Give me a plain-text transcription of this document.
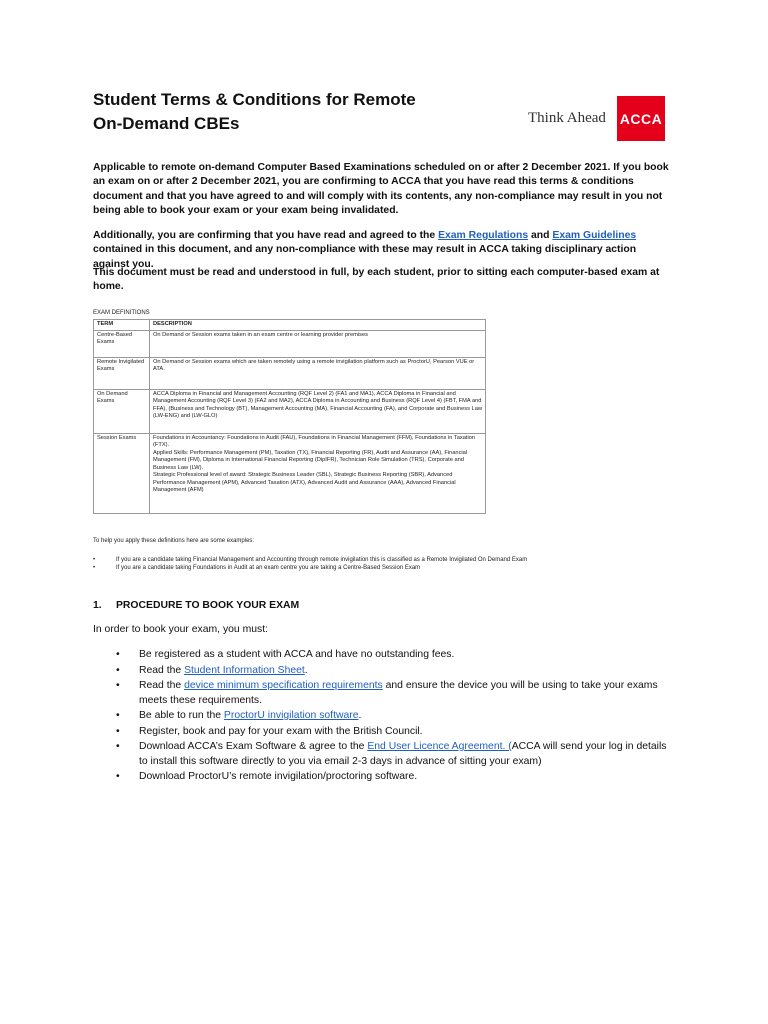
Student Terms & Conditions for Remote
On-Demand CBEs	Think Ahead ACCA
Applicable to remote on-demand Computer Based Examinations scheduled on or after 2 December 2021. If you book an exam on or after 2 December 2021, you are confirming to ACCA that you have read this terms & conditions document and that you have agreed to and will comply with its contents, any non-compliance may result in you not being able to book your exam or your exam being invalidated.
Additionally, you are confirming that you have read and agreed to the Exam Regulations and Exam Guidelines contained in this document, and any non-compliance with these may result in ACCA taking disciplinary action against you.
This document must be read and understood in full, by each student, prior to sitting each computer-based exam at home.
EXAM DEFINITIONS
TERM	DESCRIPTION
Centre-Based Exams	On Demand or Session exams taken in an exam centre or learning provider premises
Remote Invigilated Exams	On Demand or Session exams which are taken remotely using a remote invigilation platform such as ProctorU, Pearson VUE or ATA.
On Demand Exams	ACCA Diploma in Financial and Management Accounting (RQF Level 2) (FA1 and MA1), ACCA Diploma in Financial and Management Accounting (RQF Level 3) (FA2 and MA2), ACCA Diploma in Accounting and Business (RQF Level 4) (FBT, FMA and FFA), (Business and Technology (BT), Management Accounting (MA), Financial Accounting (FA), and Corporate and Business Law (LW-ENG) and (LW-GLO)
Session Exams	Foundations in Accountancy: Foundations in Audit (FAU), Foundations in Financial Management (FFM), Foundations in Taxation (FTX).
Applied Skills: Performance Management (PM), Taxation (TX), Financial Reporting (FR), Audit and Assurance (AA), Financial Management (FM), Diploma in International Financial Reporting (DipIFR), Technician Role Simulation (TRS), Corporate and Business Law (LW).
Strategic Professional level of award: Strategic Business Leader (SBL), Strategic Business Reporting (SBR), Advanced Performance Management (APM), Advanced Taxation (ATX), Advanced Audit and Assurance (AAA), Advanced Financial Management (AFM)
To help you apply these definitions here are some examples:
• If you are a candidate taking Financial Management and Accounting through remote invigilation this is classified as a Remote Invigilated On Demand Exam
• If you are a candidate taking Foundations in Audit at an exam centre you are taking a Centre-Based Session Exam
1. PROCEDURE TO BOOK YOUR EXAM
In order to book your exam, you must:
• Be registered as a student with ACCA and have no outstanding fees.
• Read the Student Information Sheet.
• Read the device minimum specification requirements and ensure the device you will be using to take your exams meets these requirements.
• Be able to run the ProctorU invigilation software.
• Register, book and pay for your exam with the British Council.
• Download ACCA’s Exam Software & agree to the End User Licence Agreement. (ACCA will send your log in details to install this software directly to you via email 2-3 days in advance of sitting your exam)
• Download ProctorU’s remote invigilation/proctoring software.
